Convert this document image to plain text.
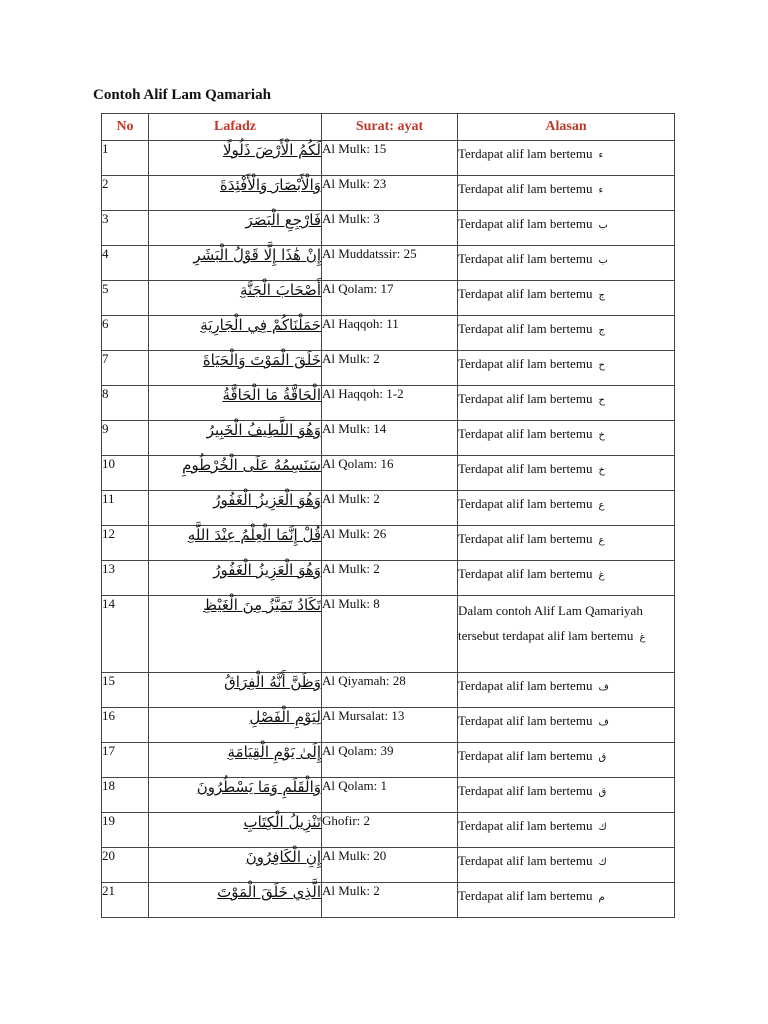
Contoh Alif Lam Qamariah
No	Lafadz	Surat: ayat	Alasan
1	لَكُمُ الْأَرْضَ ذَلُولًا	Al Mulk: 15	Terdapat alif lam bertemu ء
2	وَالْأَبْصَارَ وَالْأَفْئِدَةَ	Al Mulk: 23	Terdapat alif lam bertemu ء
3	فَارْجِعِ الْبَصَرَ	Al Mulk: 3	Terdapat alif lam bertemu ب
4	إِنْ هَٰذَا إِلَّا قَوْلُ الْبَشَرِ	Al Muddatssir: 25	Terdapat alif lam bertemu ب
5	أَصْحَابَ الْجَنَّةِ	Al Qolam: 17	Terdapat alif lam bertemu ج
6	حَمَلْنَاكُمْ فِي الْجَارِيَةِ	Al Haqqoh: 11	Terdapat alif lam bertemu ج
7	خَلَقَ الْمَوْتَ وَالْحَيَاةَ	Al Mulk: 2	Terdapat alif lam bertemu ح
8	الْحَاقَّةُ مَا الْحَاقَّةُ	Al Haqqoh: 1-2	Terdapat alif lam bertemu ح
9	وَهُوَ اللَّطِيفُ الْخَبِيرُ	Al Mulk: 14	Terdapat alif lam bertemu خ
10	سَنَسِمُهُ عَلَى الْخُرْطُومِ	Al Qolam: 16	Terdapat alif lam bertemu خ
11	وَهُوَ الْعَزِيزُ الْغَفُورُ	Al Mulk: 2	Terdapat alif lam bertemu ع
12	قُلْ إِنَّمَا الْعِلْمُ عِنْدَ اللَّهِ	Al Mulk: 26	Terdapat alif lam bertemu ع
13	وَهُوَ الْعَزِيزُ الْغَفُورُ	Al Mulk: 2	Terdapat alif lam bertemu غ
14	تَكَادُ تَمَيَّزُ مِنَ الْغَيْظِ	Al Mulk: 8	Dalam contoh Alif Lam Qamariyah tersebut terdapat alif lam bertemu غ
15	وَظَنَّ أَنَّهُ الْفِرَاقُ	Al Qiyamah: 28	Terdapat alif lam bertemu ف
16	لِيَوْمِ الْفَصْلِ	Al Mursalat: 13	Terdapat alif lam bertemu ف
17	إِلَىٰ يَوْمِ الْقِيَامَةِ	Al Qolam: 39	Terdapat alif lam bertemu ق
18	وَالْقَلَمِ وَمَا يَسْطُرُونَ	Al Qolam: 1	Terdapat alif lam bertemu ق
19	تَنْزِيلُ الْكِتَابِ	Ghofir: 2	Terdapat alif lam bertemu ك
20	إِنِ الْكَافِرُونَ	Al Mulk: 20	Terdapat alif lam bertemu ك
21	الَّذِي خَلَقَ الْمَوْتَ	Al Mulk: 2	Terdapat alif lam bertemu م
